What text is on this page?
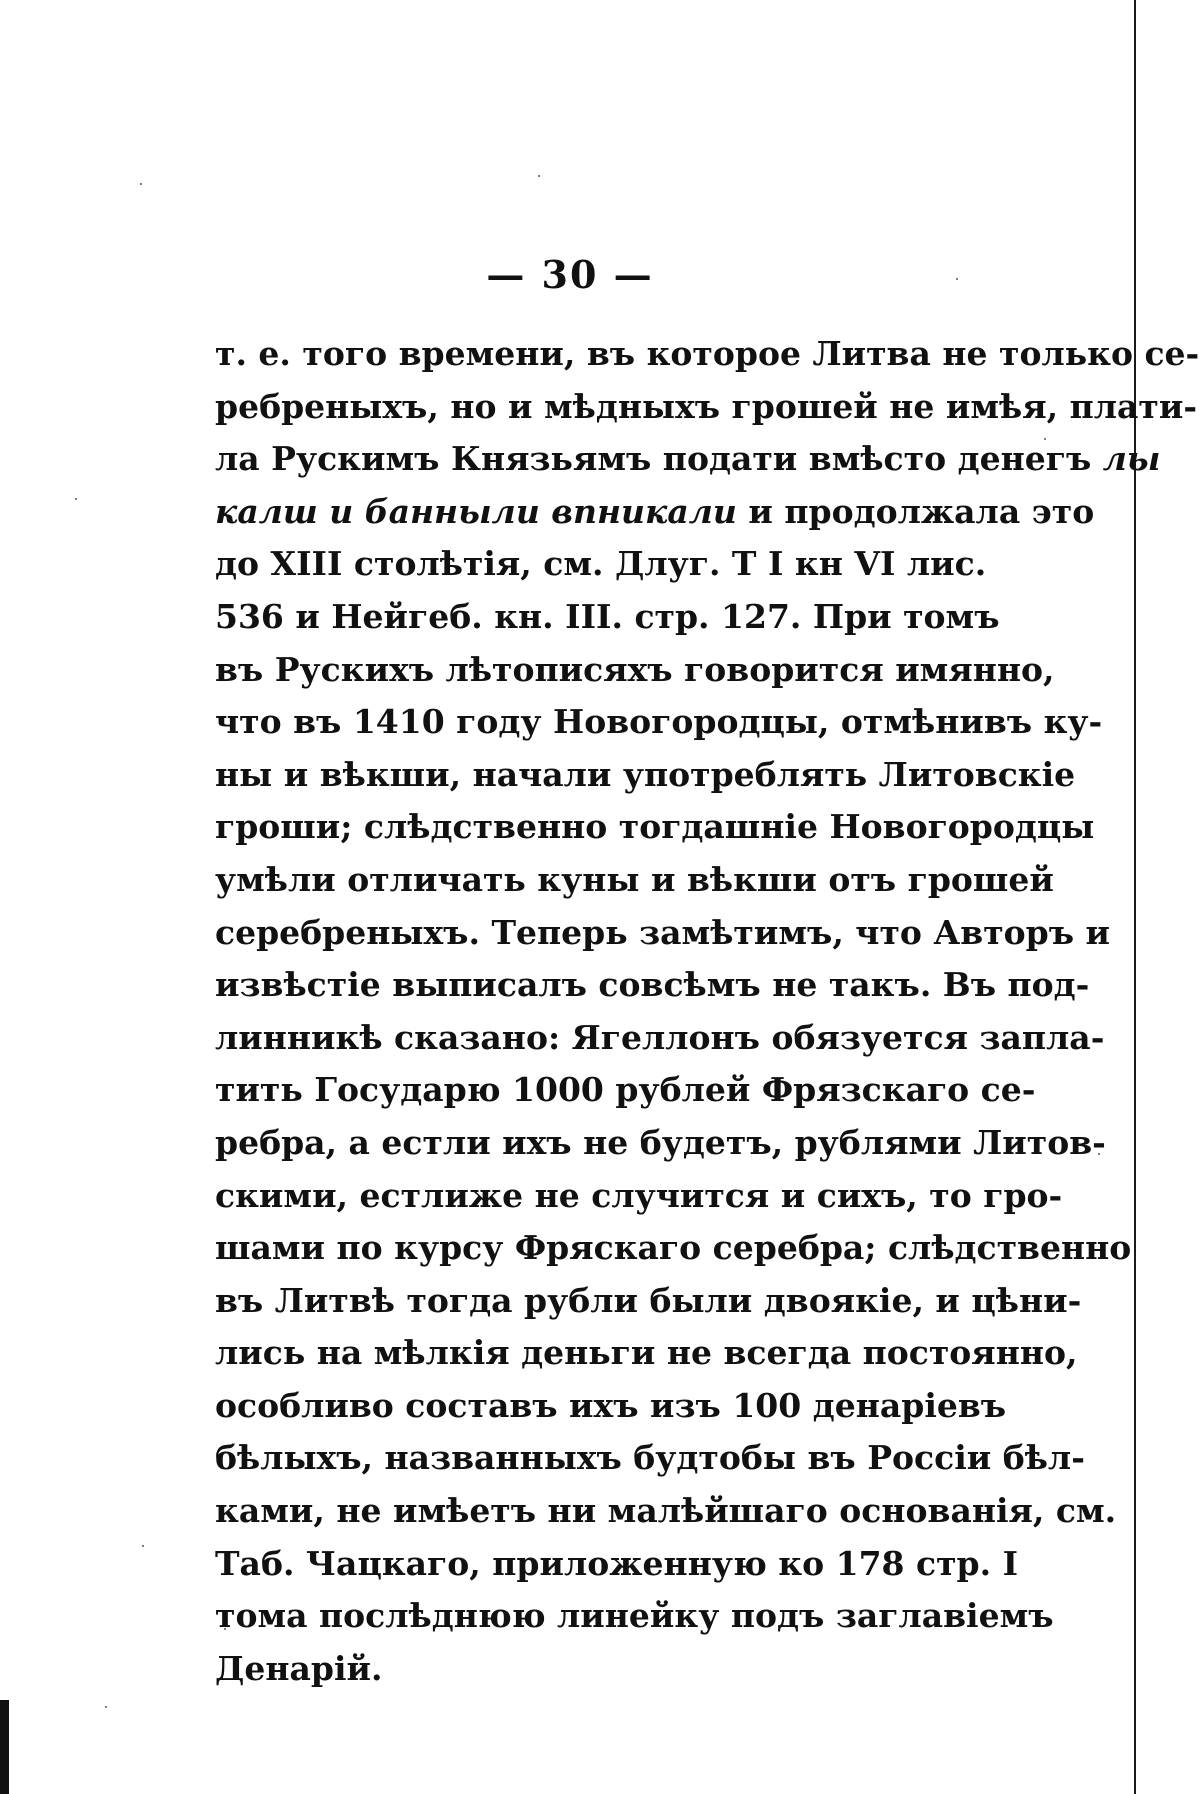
— 30 —
т. е. того времени, въ которое Литва не только се-
ребреныхъ, но и мѣдныхъ грошей не имѣя, плати-
ла Рускимъ Князьямъ подати вмѣсто денегъ лы
калш и банныли впникали и продолжала это
до XIII столѣтія, см. Длуг. Т I кн VI лис.
536 и Нейгеб. кн. III. стр. 127. При томъ
въ Рускихъ лѣтописяхъ говорится имянно,
что въ 1410 году Новогородцы, отмѣнивъ ку-
ны и вѣкши, начали употреблять Литовскіе
гроши; слѣдственно тогдашніе Новогородцы
умѣли отличать куны и вѣкши отъ грошей
серебреныхъ. Теперь замѣтимъ, что Авторъ и
извѣстіе выписалъ совсѣмъ не такъ. Въ под-
линникѣ сказано: Ягеллонъ обязуется запла-
тить Государю 1000 рублей Фрязскаго се-
ребра, а естли ихъ не будетъ, рублями Литов-
скими, естлиже не случится и сихъ, то гро-
шами по курсу Фряскаго серебра; слѣдственно
въ Литвѣ тогда рубли были двоякіе, и цѣни-
лись на мѣлкія деньги не всегда постоянно,
особливо составъ ихъ изъ 100 денаріевъ
бѣлыхъ, названныхъ будтобы въ Россіи бѣл-
ками, не имѣетъ ни малѣйшаго основанія, см.
Таб. Чацкаго, приложенную ко 178 стр. I
тома послѣднюю линейку подъ заглавіемъ
Денарій.
